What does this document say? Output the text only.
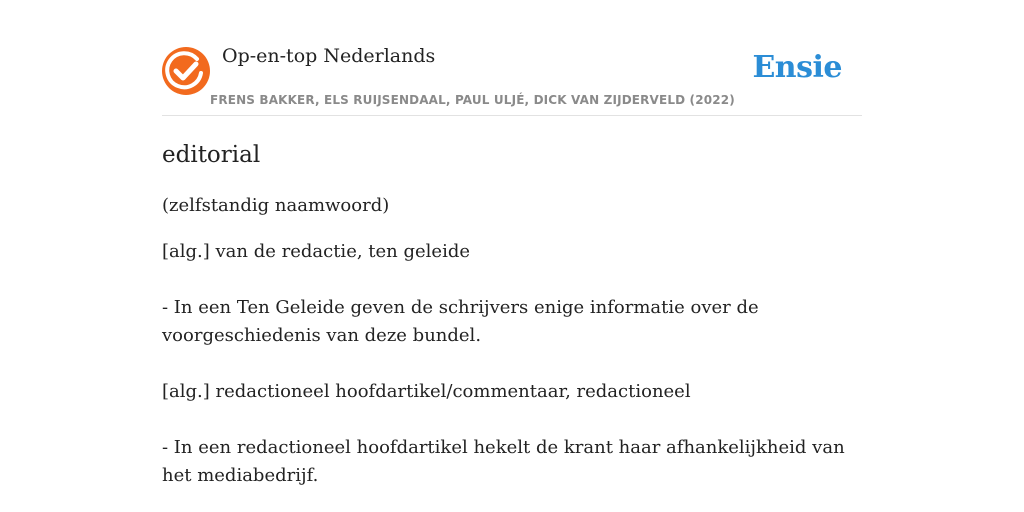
Op-en-top Nederlands
FRENS BAKKER, ELS RUIJSENDAAL, PAUL ULJÉ, DICK VAN ZIJDERVELD (2022)
Ensie
editorial

(zelfstandig naamwoord)

[alg.] van de redactie, ten geleide

- In een Ten Geleide geven de schrijvers enige informatie over de voorgeschiedenis van deze bundel.

[alg.] redactioneel hoofdartikel/commentaar, redactioneel

- In een redactioneel hoofdartikel hekelt de krant haar afhankelijkheid van het mediabedrijf.
